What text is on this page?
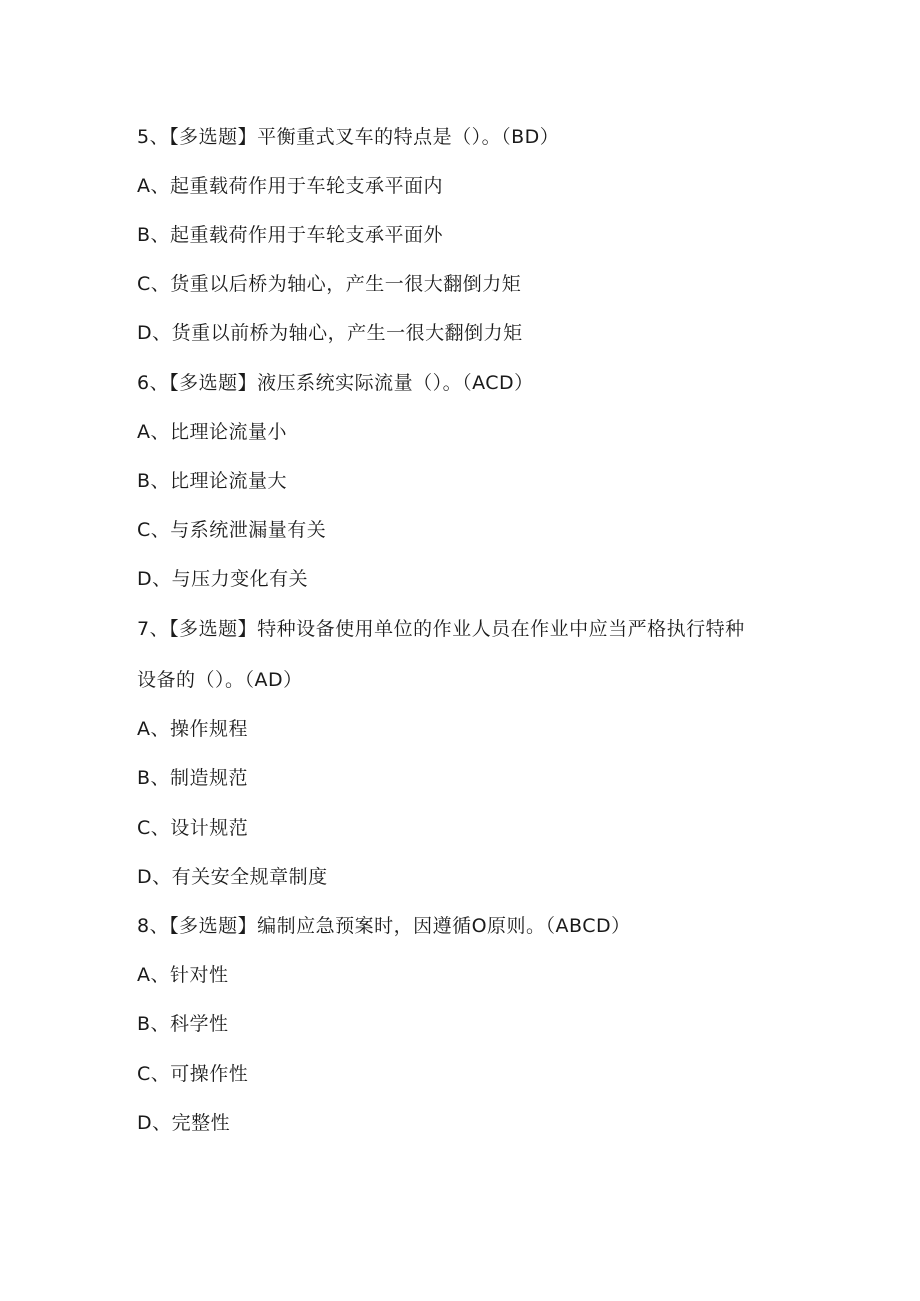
5、【多选题】平衡重式叉车的特点是（）。（BD）
A、起重载荷作用于车轮支承平面内
B、起重载荷作用于车轮支承平面外
C、货重以后桥为轴心，产生一很大翻倒力矩
D、货重以前桥为轴心，产生一很大翻倒力矩
6、【多选题】液压系统实际流量（）。（ACD）
A、比理论流量小
B、比理论流量大
C、与系统泄漏量有关
D、与压力变化有关
7、【多选题】特种设备使用单位的作业人员在作业中应当严格执行特种
设备的（）。（AD）
A、操作规程
B、制造规范
C、设计规范
D、有关安全规章制度
8、【多选题】编制应急预案时，因遵循O原则。（ABCD）
A、针对性
B、科学性
C、可操作性
D、完整性
